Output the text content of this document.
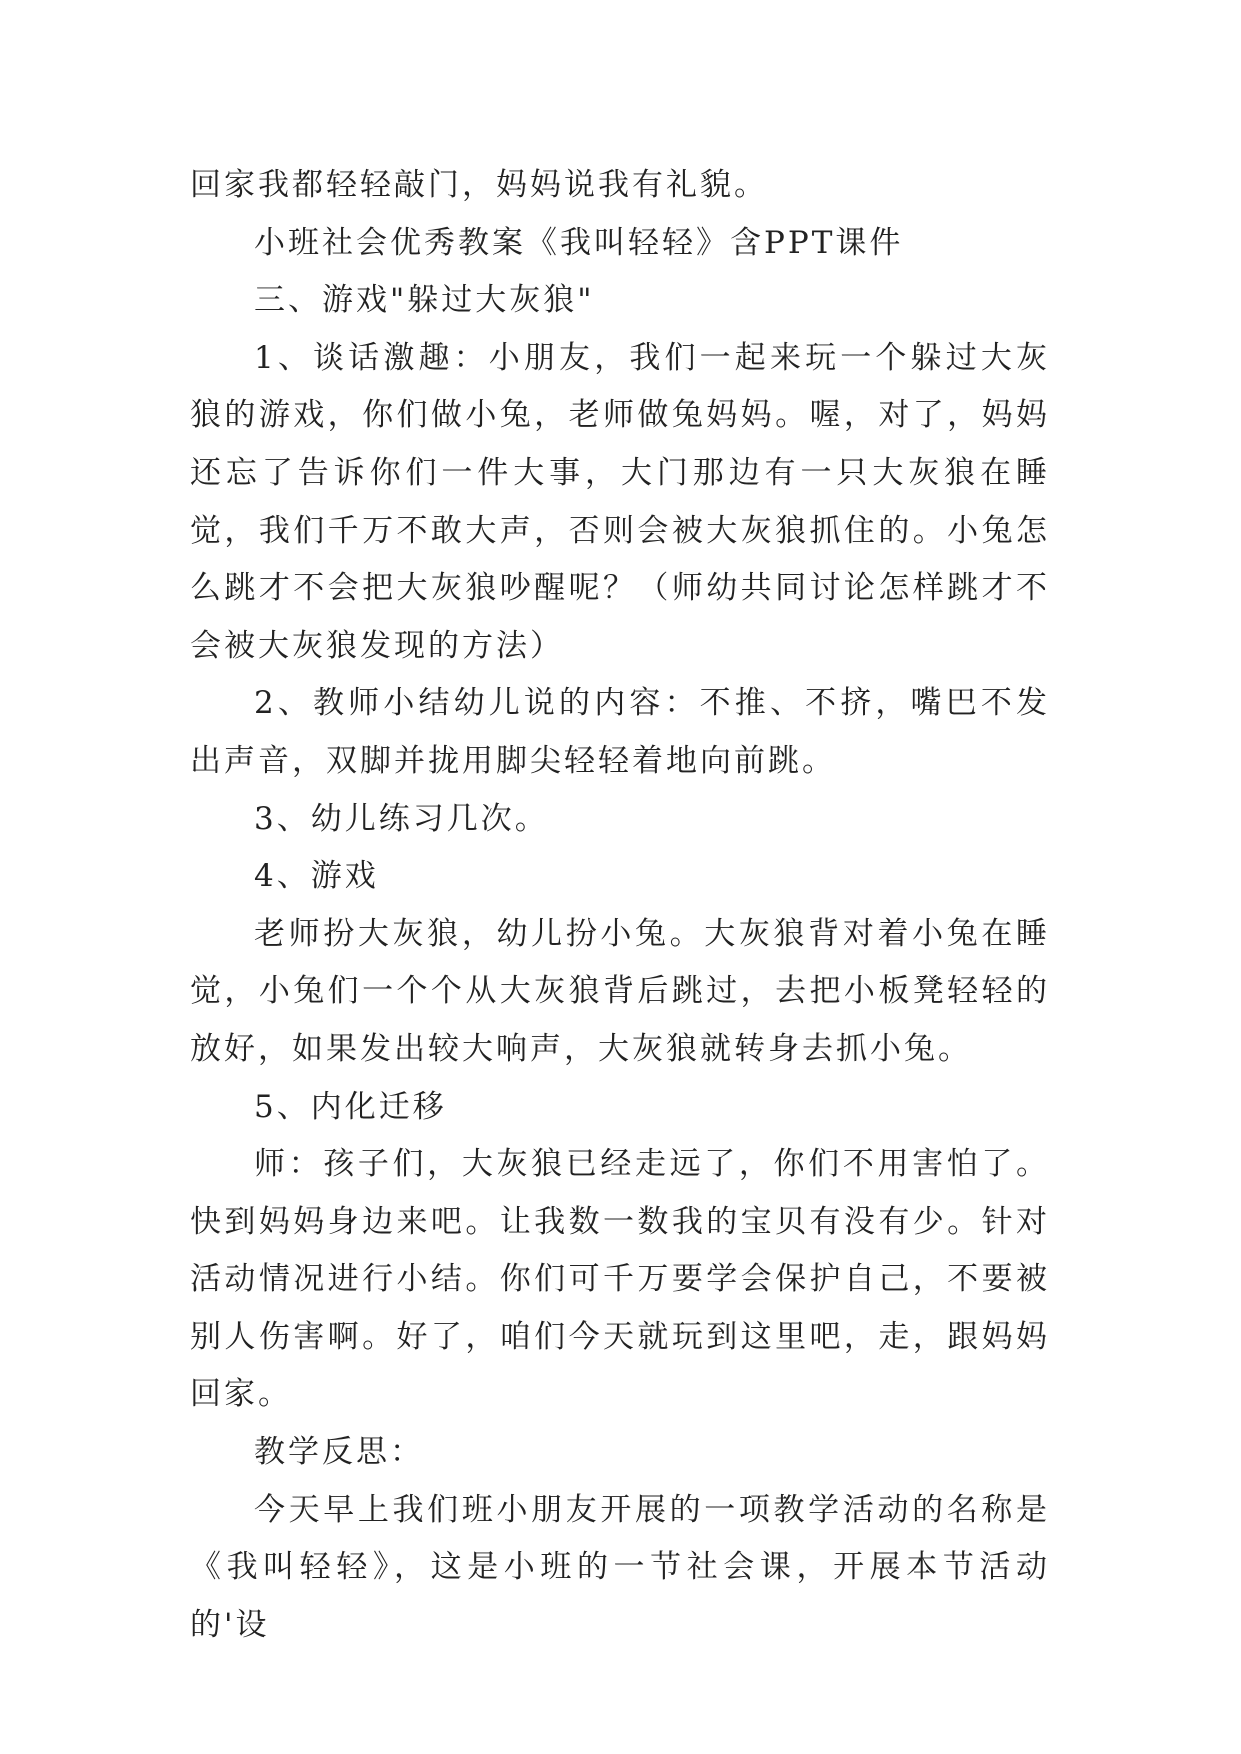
回家我都轻轻敲门，妈妈说我有礼貌。

小班社会优秀教案《我叫轻轻》含PPT课件

三、游戏"躲过大灰狼"

1、谈话激趣：小朋友，我们一起来玩一个躲过大灰狼的游戏，你们做小兔，老师做兔妈妈。喔，对了，妈妈还忘了告诉你们一件大事，大门那边有一只大灰狼在睡觉，我们千万不敢大声，否则会被大灰狼抓住的。小兔怎么跳才不会把大灰狼吵醒呢？（师幼共同讨论怎样跳才不会被大灰狼发现的方法）

2、教师小结幼儿说的内容：不推、不挤，嘴巴不发出声音，双脚并拢用脚尖轻轻着地向前跳。

3、幼儿练习几次。

4、游戏

老师扮大灰狼，幼儿扮小兔。大灰狼背对着小兔在睡觉，小兔们一个个从大灰狼背后跳过，去把小板凳轻轻的放好，如果发出较大响声，大灰狼就转身去抓小兔。

5、内化迁移

师：孩子们，大灰狼已经走远了，你们不用害怕了。快到妈妈身边来吧。让我数一数我的宝贝有没有少。针对活动情况进行小结。你们可千万要学会保护自己，不要被别人伤害啊。好了，咱们今天就玩到这里吧，走，跟妈妈回家。

教学反思：

今天早上我们班小朋友开展的一项教学活动的名称是《我叫轻轻》，这是小班的一节社会课，开展本节活动的'设
